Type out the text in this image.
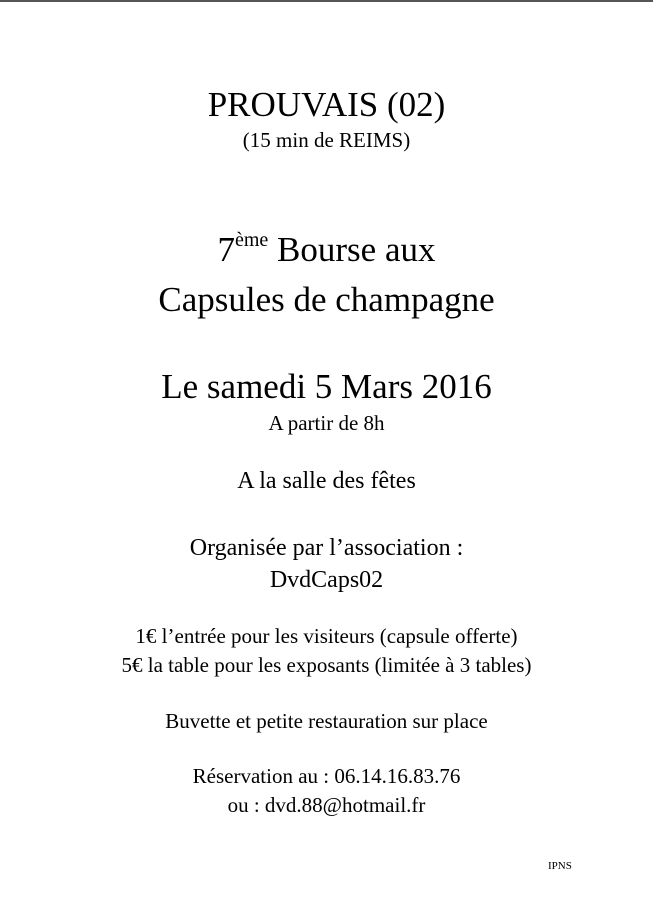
PROUVAIS (02)
(15 min de REIMS)
7ème Bourse aux
Capsules de champagne
Le samedi 5 Mars 2016
A partir de 8h
A la salle des fêtes
Organisée par l’association :
DvdCaps02
1€ l’entrée pour les visiteurs (capsule offerte)
5€ la table pour les exposants (limitée à 3 tables)
Buvette et petite restauration sur place
Réservation au : 06.14.16.83.76
ou : dvd.88@hotmail.fr
IPNS
